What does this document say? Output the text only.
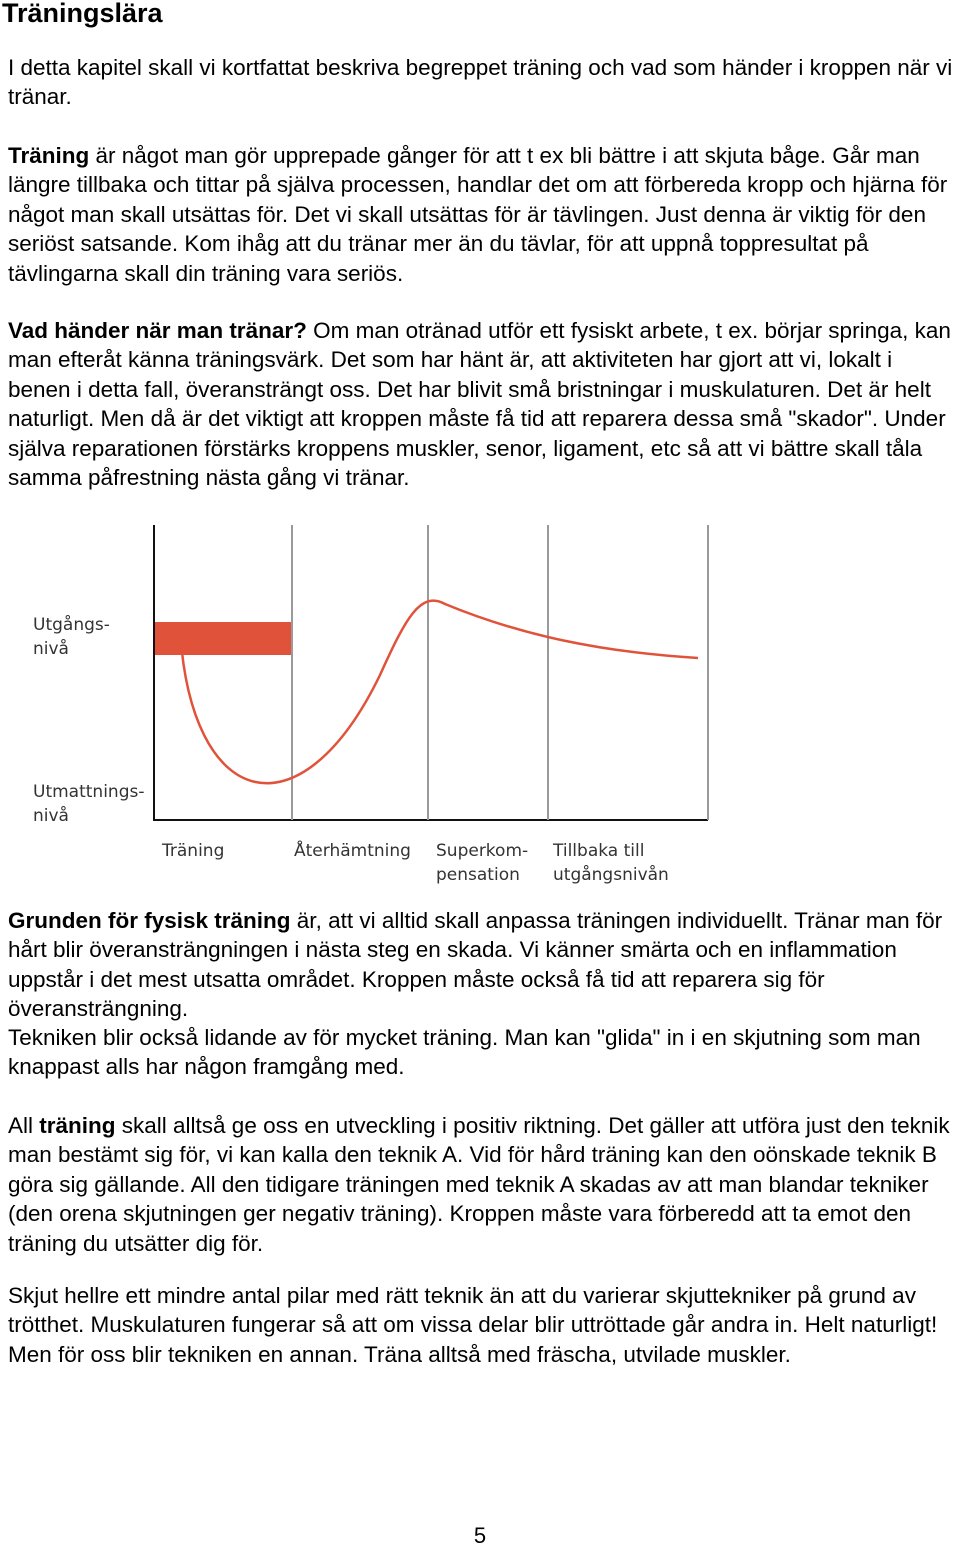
Träningslära

I detta kapitel skall vi kortfattat beskriva begreppet träning och vad som händer i kroppen när vi tränar.

Träning är något man gör upprepade gånger för att t ex bli bättre i att skjuta båge. Går man längre tillbaka och tittar på själva processen, handlar det om att förbereda kropp och hjärna för något man skall utsättas för. Det vi skall utsättas för är tävlingen. Just denna är viktig för den seriöst satsande. Kom ihåg att du tränar mer än du tävlar, för att uppnå toppresultat på tävlingarna skall din träning vara seriös.

Vad händer när man tränar? Om man otränad utför ett fysiskt arbete, t ex. börjar springa, kan man efteråt känna träningsvärk. Det som har hänt är, att aktiviteten har gjort att vi, lokalt i benen i detta fall, överansträngt oss. Det har blivit små bristningar i muskulaturen. Det är helt naturligt. Men då är det viktigt att kroppen måste få tid att reparera dessa små "skador". Under själva reparationen förstärks kroppens muskler, senor, ligament, etc så att vi bättre skall tåla samma påfrestning nästa gång vi tränar.

Utgångs-
nivå
Utmattnings-
nivå
Träning	Återhämtning Superkom-
pensation
Tillbaka till
utgångsnivån

Grunden för fysisk träning är, att vi alltid skall anpassa träningen individuellt. Tränar man för hårt blir överansträngningen i nästa steg en skada. Vi känner smärta och en inflammation uppstår i det mest utsatta området. Kroppen måste också få tid att reparera sig för överansträngning.

Tekniken blir också lidande av för mycket träning. Man kan "glida" in i en skjutning som man knappast alls har någon framgång med.

All träning skall alltså ge oss en utveckling i positiv riktning. Det gäller att utföra just den teknik man bestämt sig för, vi kan kalla den teknik A. Vid för hård träning kan den oönskade teknik B göra sig gällande. All den tidigare träningen med teknik A skadas av att man blandar tekniker (den orena skjutningen ger negativ träning). Kroppen måste vara förberedd att ta emot den träning du utsätter dig för.

Skjut hellre ett mindre antal pilar med rätt teknik än att du varierar skjuttekniker på grund av trötthet. Muskulaturen fungerar så att om vissa delar blir uttröttade går andra in. Helt naturligt! Men för oss blir tekniken en annan. Träna alltså med fräscha, utvilade muskler.

5
